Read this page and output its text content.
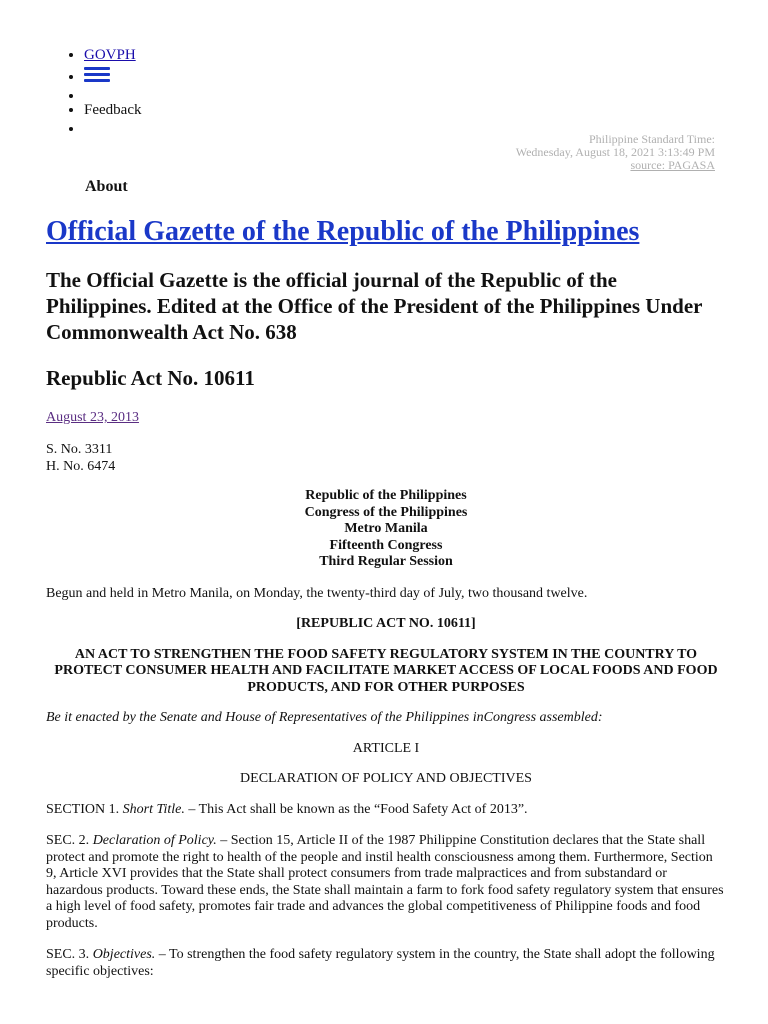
• GOVPH
•
•
• Feedback
•
Philippine Standard Time:
Wednesday, August 18, 2021 3:13:49 PM
source: PAGASA
About
Official Gazette of the Republic of the Philippines

The Official Gazette is the official journal of the Republic of the Philippines. Edited at the Office of the President of the Philippines Under Commonwealth Act No. 638

Republic Act No. 10611
August 23, 2013
S. No. 3311
H. No. 6474
Republic of the Philippines
Congress of the Philippines
Metro Manila
Fifteenth Congress
Third Regular Session

Begun and held in Metro Manila, on Monday, the twenty-third day of July, two thousand twelve.

[REPUBLIC ACT NO. 10611]

AN ACT TO STRENGTHEN THE FOOD SAFETY REGULATORY SYSTEM IN THE COUNTRY TO PROTECT CONSUMER HEALTH AND FACILITATE MARKET ACCESS OF LOCAL FOODS AND FOOD PRODUCTS, AND FOR OTHER PURPOSES

Be it enacted by the Senate and House of Representatives of the Philippines inCongress assembled:

ARTICLE I

DECLARATION OF POLICY AND OBJECTIVES

SECTION 1. Short Title. – This Act shall be known as the “Food Safety Act of 2013”.

SEC. 2. Declaration of Policy. – Section 15, Article II of the 1987 Philippine Constitution declares that the State shall protect and promote the right to health of the people and instil health consciousness among them. Furthermore, Section 9, Article XVI provides that the State shall protect consumers from trade malpractices and from substandard or hazardous products. Toward these ends, the State shall maintain a farm to fork food safety regulatory system that ensures a high level of food safety, promotes fair trade and advances the global competitiveness of Philippine foods and food products.

SEC. 3. Objectives. – To strengthen the food safety regulatory system in the country, the State shall adopt the following specific objectives:
